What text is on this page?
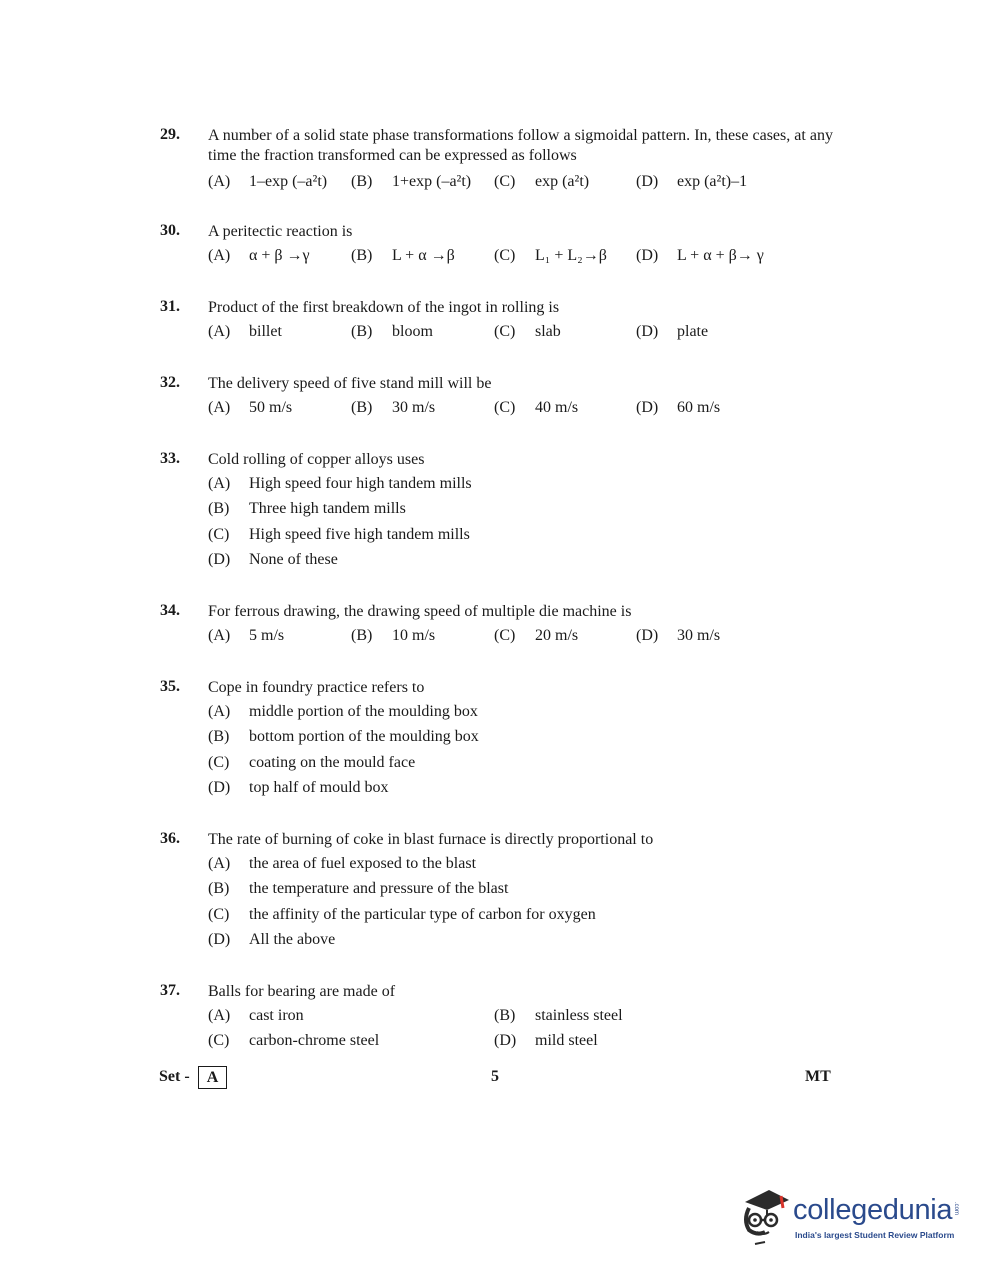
29. A number of a solid state phase transformations follow a sigmoidal pattern. In, these cases, at any time the fraction transformed can be expressed as follows
(A) 1–exp (–a²t) (B) 1+exp (–a²t) (C) exp (a²t)	(D) exp (a²t)–1
30. A peritectic reaction is
(A) α + β →γ	(B) L + α →β (C) L₁ + L₂→β (D) L + α + β→ γ
31. Product of the first breakdown of the ingot in rolling is
(A) billet	(B) bloom	(C) slab	(D) plate
32. The delivery speed of five stand mill will be
(A) 50 m/s	(B) 30 m/s	(C) 40 m/s	(D) 60 m/s
33. Cold rolling of copper alloys uses
(A) High speed four high tandem mills
(B) Three high tandem mills
(C) High speed five high tandem mills
(D) None of these
34. For ferrous drawing, the drawing speed of multiple die machine is
(A) 5 m/s	(B) 10 m/s	(C) 20 m/s	(D) 30 m/s
35. Cope in foundry practice refers to
(A) middle portion of the moulding box
(B) bottom portion of the moulding box
(C) coating on the mould face
(D) top half of mould box
36. The rate of burning of coke in blast furnace is directly proportional to
(A) the area of fuel exposed to the blast
(B) the temperature and pressure of the blast
(C) the affinity of the particular type of carbon for oxygen
(D) All the above
37. Balls for bearing are made of
(A) cast iron	(B) stainless steel
(C) carbon-chrome steel	(D) mild steel
Set -	A	5	MT
collegedunia .com
India's largest Student Review Platform
